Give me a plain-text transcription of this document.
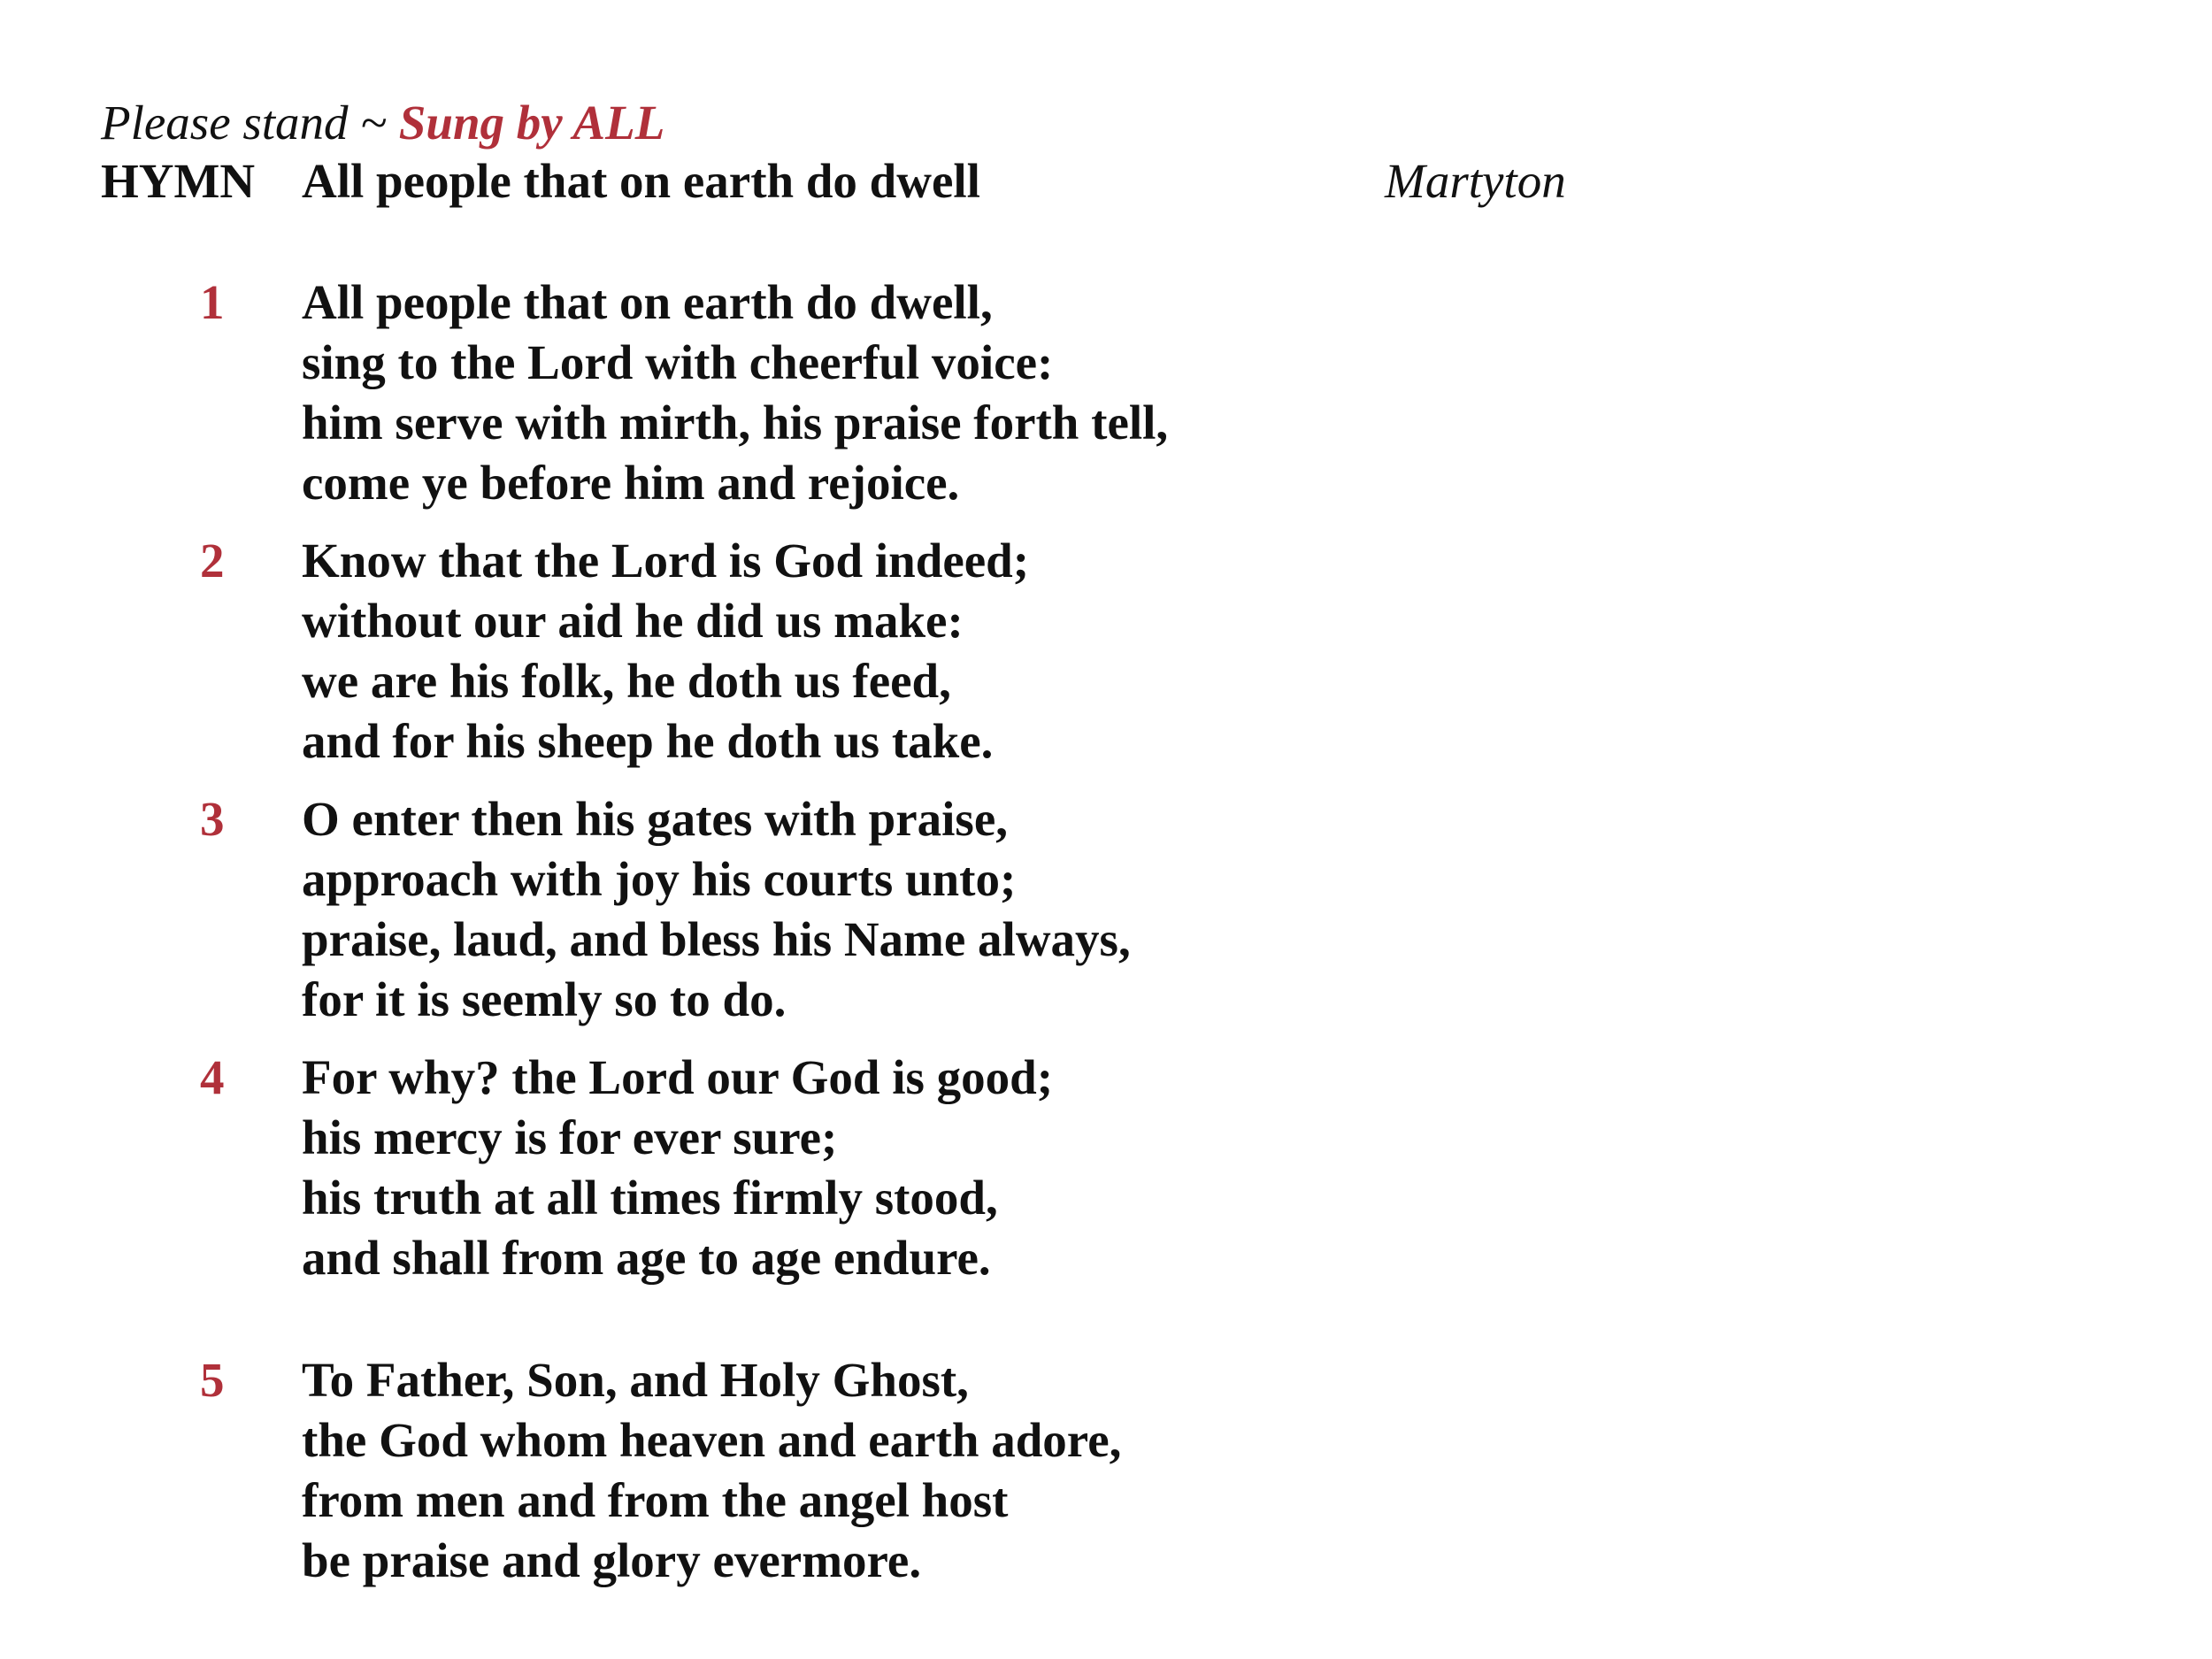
Please stand ~ Sung by ALL
HYMN All people that on earth do dwell	Martyton
1 All people that on earth do dwell,
sing to the Lord with cheerful voice:
him serve with mirth, his praise forth tell,
come ye before him and rejoice.
2 Know that the Lord is God indeed;
without our aid he did us make:
we are his folk, he doth us feed,
and for his sheep he doth us take.
3 O enter then his gates with praise,
approach with joy his courts unto;
praise, laud, and bless his Name always,
for it is seemly so to do.
4 For why? the Lord our God is good;
his mercy is for ever sure;
his truth at all times firmly stood,
and shall from age to age endure.
5 To Father, Son, and Holy Ghost,
the God whom heaven and earth adore,
from men and from the angel host
be praise and glory evermore.
